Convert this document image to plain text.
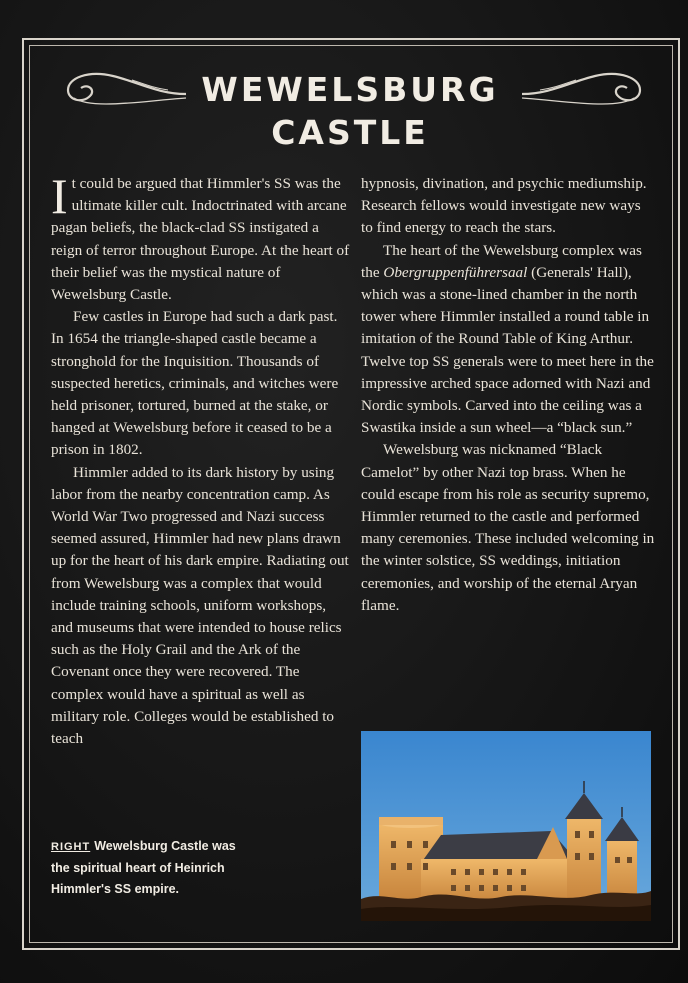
WEWELSBURG
CASTLE

It could be argued that Himmler's SS was the ultimate killer cult. Indoctrinated with arcane pagan beliefs, the black-clad SS instigated a reign of terror throughout Europe. At the heart of their belief was the mystical nature of Wewelsburg Castle.

Few castles in Europe had such a dark past. In 1654 the triangle-shaped castle became a stronghold for the Inquisition. Thousands of suspected heretics, criminals, and witches were held prisoner, tortured, burned at the stake, or hanged at Wewelsburg before it ceased to be a prison in 1802.

Himmler added to its dark history by using labor from the nearby concentration camp. As World War Two progressed and Nazi success seemed assured, Himmler had new plans drawn up for the heart of his dark empire. Radiating out from Wewelsburg was a complex that would include training schools, uniform workshops, and museums that were intended to house relics such as the Holy Grail and the Ark of the Covenant once they were recovered. The complex would have a spiritual as well as military role. Colleges would be established to teach

hypnosis, divination, and psychic mediumship. Research fellows would investigate new ways to find energy to reach the stars.

The heart of the Wewelsburg complex was the Obergruppenführersaal (Generals' Hall), which was a stone-lined chamber in the north tower where Himmler installed a round table in imitation of the Round Table of King Arthur. Twelve top SS generals were to meet here in the impressive arched space adorned with Nazi and Nordic symbols. Carved into the ceiling was a Swastika inside a sun wheel—a “black sun.”

Wewelsburg was nicknamed “Black Camelot” by other Nazi top brass. When he could escape from his role as security supremo, Himmler returned to the castle and performed many ceremonies. These included welcoming in the winter solstice, SS weddings, initiation ceremonies, and worship of the eternal Aryan flame.

RIGHT Wewelsburg Castle was the spiritual heart of Heinrich Himmler's SS empire.
